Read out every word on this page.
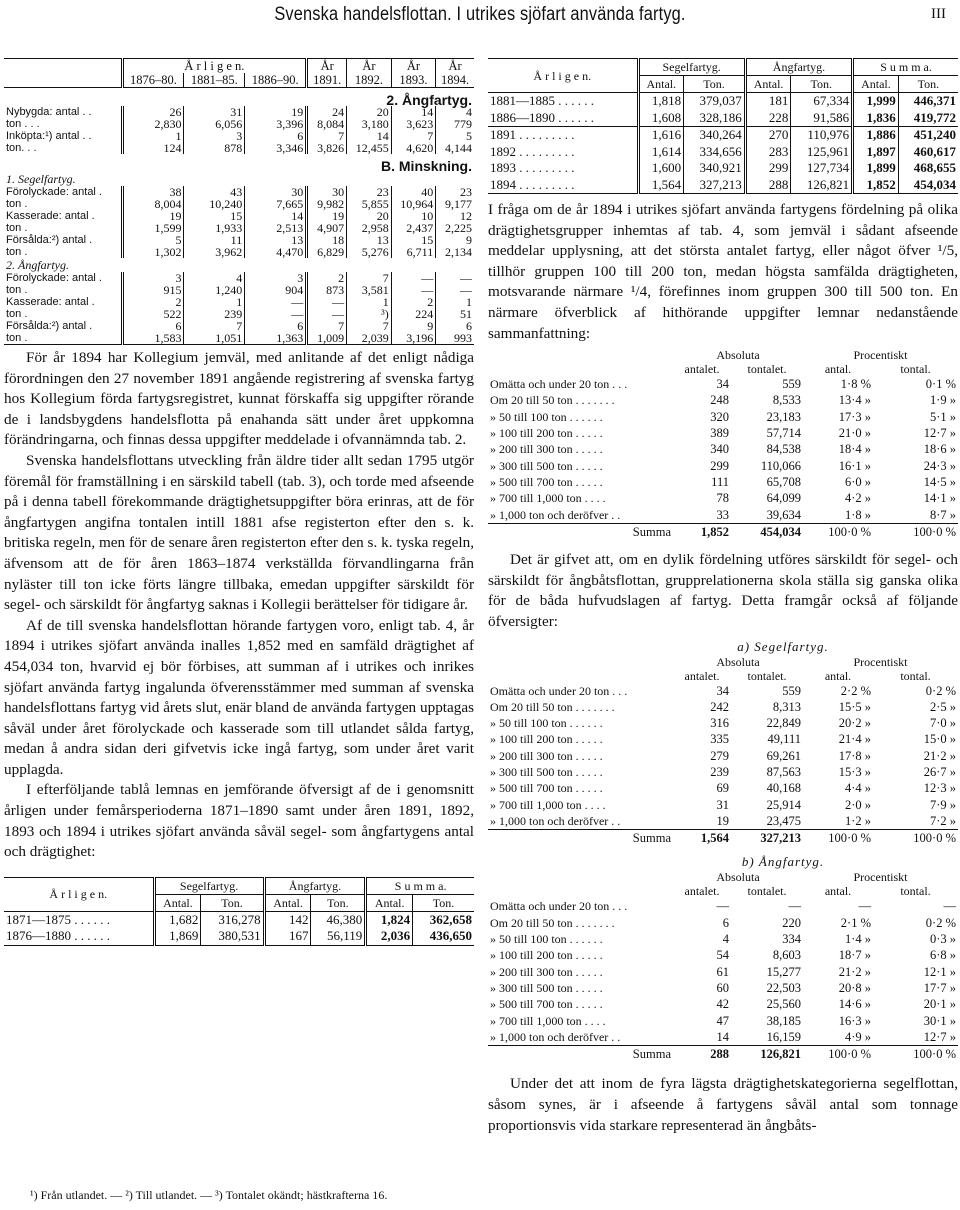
Svenska handelsflottan. I utrikes sjöfart använda fartyg.	III
	Å r l i g e n.			År	År	År	År
	1876–80.	1881–85.	1886–90.	1891.	1892.	1893.	1894.
2. Ångfartyg.							
Nybygda: antal . .	26	31	19	24	20	14	4
ton . . .	2,830	6,056	3,396	8,084	3,180	3,623	779
Inköpta:¹) antal . .	1	3	6	7	14	7	5
ton. . .	124	878	3,346	3,826	12,455	4,620	4,144
B. Minskning.							
1. Segelfartyg.							
Förolyckade: antal .	38	43	30	30	23	40	23
ton .	8,004	10,240	7,665	9,982	5,855	10,964	9,177
Kasserade: antal .	19	15	14	19	20	10	12
ton .	1,599	1,933	2,513	4,907	2,958	2,437	2,225
Försålda:²) antal .	5	11	13	18	13	15	9
ton .	1,302	3,962	4,470	6,829	5,276	6,711	2,134
2. Ångfartyg.							
Förolyckade: antal .	3	4	3	2	7	—	—
ton .	915	1,240	904	873	3,581	—	—
Kasserade: antal .	2	1	—	—	1	2	1
ton .	522	239	—	—	³)	224	51
Försålda:²) antal .	6	7	6	7	7	9	6
ton .	1,583	1,051	1,363	1,009	2,039	3,196	993

För år 1894 har Kollegium jemväl, med anlitande af det enligt nådiga förordningen den 27 november 1891 angående registrering af svenska fartyg hos Kollegium förda fartygsregistret, kunnat förskaffa sig uppgifter rörande de i landsbygdens handelsflotta på enahanda sätt under året uppkomna förändringarna, och finnas dessa uppgifter meddelade i ofvannämnda tab. 2.

Svenska handelsflottans utveckling från äldre tider allt sedan 1795 utgör föremål för framställning i en särskild tabell (tab. 3), och torde med afseende på i denna tabell förekommande drägtighetsuppgifter böra erinras, att de för ångfartygen angifna tontalen intill 1881 afse registerton efter den s. k. britiska regeln, men för de senare åren registerton efter den s. k. tyska regeln, äfvensom att de för åren 1863–1874 verkställda förvandlingarna från nyläster till ton icke förts längre tillbaka, emedan uppgifter särskildt för segel- och särskildt för ångfartyg saknas i Kollegii berättelser för tidigare år.

Af de till svenska handelsflottan hörande fartygen voro, enligt tab. 4, år 1894 i utrikes sjöfart använda inalles 1,852 med en samfäld drägtighet af 454,034 ton, hvarvid ej bör förbises, att summan af i utrikes och inrikes sjöfart använda fartyg ingalunda öfverensstämmer med summan af svenska handelsflottans fartyg vid årets slut, enär bland de använda fartygen upptagas såväl under året förolyckade och kasserade som till utlandet sålda fartyg, medan å andra sidan deri gifvetvis icke ingå fartyg, som under året varit upplagda.

I efterföljande tablå lemnas en jemförande öfversigt af de i genomsnitt årligen under femårsperioderna 1871–1890 samt under åren 1891, 1892, 1893 och 1894 i utrikes sjöfart använda såväl segel- som ångfartygens antal och drägtighet:

Å r l i g e n.	Segelfartyg.		Ångfartyg.		S u m m a.	
	Antal.	Ton.	Antal.	Ton.	Antal.	Ton.
1871—1875 . . . . . .	1,682	316,278	142	46,380	1,824	362,658
1876—1880 . . . . . .	1,869	380,531	167	56,119	2,036	436,650
Å r l i g e n.	Segelfartyg.		Ångfartyg.		S u m m a.	
	Antal.	Ton.	Antal.	Ton.	Antal.	Ton.
1881—1885 . . . . . .	1,818	379,037	181	67,334	1,999	446,371
1886—1890 . . . . . .	1,608	328,186	228	91,586	1,836	419,772
1891 . . . . . . . . .	1,616	340,264	270	110,976	1,886	451,240
1892 . . . . . . . . .	1,614	334,656	283	125,961	1,897	460,617
1893 . . . . . . . . .	1,600	340,921	299	127,734	1,899	468,655
1894 . . . . . . . . .	1,564	327,213	288	126,821	1,852	454,034

I fråga om de år 1894 i utrikes sjöfart använda fartygens fördelning på olika drägtighetsgrupper inhemtas af tab. 4, som jemväl i sådant afseende meddelar upplysning, att det största antalet fartyg, eller något öfver ¹/5, tillhör gruppen 100 till 200 ton, medan högsta samfälda drägtigheten, motsvarande närmare ¹/4, förefinnes inom gruppen 300 till 500 ton. En närmare öfverblick af hithörande uppgifter lemnar nedanstående sammanfattning:

	Absoluta		Procentiskt	
	antalet.	tontalet.	antal.	tontal.
Omätta och under 20 ton . . .	34	559	1·8 %	0·1 %
Om 20 till 50 ton . . . . . . .	248	8,533	13·4 »	1·9 »
» 50 till 100 ton . . . . . .	320	23,183	17·3 »	5·1 »
» 100 till 200 ton . . . . .	389	57,714	21·0 »	12·7 »
» 200 till 300 ton . . . . .	340	84,538	18·4 »	18·6 »
» 300 till 500 ton . . . . .	299	110,066	16·1 »	24·3 »
» 500 till 700 ton . . . . .	111	65,708	6·0 »	14·5 »
» 700 till 1,000 ton . . . .	78	64,099	4·2 »	14·1 »
» 1,000 ton och deröfver . .	33	39,634	1·8 »	8·7 »
Summa	1,852	454,034	100·0 %	100·0 %

Det är gifvet att, om en dylik fördelning utföres särskildt för segel- och särskildt för ångbåtsflottan, grupprelationerna skola ställa sig ganska olika för de båda hufvudslagen af fartyg. Detta framgår också af följande öfversigter:

a) Segelfartyg.
	Absoluta		Procentiskt	
	antalet.	tontalet.	antal.	tontal.
Omätta och under 20 ton . . .	34	559	2·2 %	0·2 %
Om 20 till 50 ton . . . . . . .	242	8,313	15·5 »	2·5 »
» 50 till 100 ton . . . . . .	316	22,849	20·2 »	7·0 »
» 100 till 200 ton . . . . .	335	49,111	21·4 »	15·0 »
» 200 till 300 ton . . . . .	279	69,261	17·8 »	21·2 »
» 300 till 500 ton . . . . .	239	87,563	15·3 »	26·7 »
» 500 till 700 ton . . . . .	69	40,168	4·4 »	12·3 »
» 700 till 1,000 ton . . . .	31	25,914	2·0 »	7·9 »
» 1,000 ton och deröfver . .	19	23,475	1·2 »	7·2 »
Summa	1,564	327,213	100·0 %	100·0 %
b) Ångfartyg.
	Absoluta		Procentiskt	
	antalet.	tontalet.	antal.	tontal.
Omätta och under 20 ton . . .	—	—	—	—
Om 20 till 50 ton . . . . . . .	6	220	2·1 %	0·2 %
» 50 till 100 ton . . . . . .	4	334	1·4 »	0·3 »
» 100 till 200 ton . . . . .	54	8,603	18·7 »	6·8 »
» 200 till 300 ton . . . . .	61	15,277	21·2 »	12·1 »
» 300 till 500 ton . . . . .	60	22,503	20·8 »	17·7 »
» 500 till 700 ton . . . . .	42	25,560	14·6 »	20·1 »
» 700 till 1,000 ton . . . .	47	38,185	16·3 »	30·1 »
» 1,000 ton och deröfver . .	14	16,159	4·9 »	12·7 »
Summa	288	126,821	100·0 %	100·0 %

Under det att inom de fyra lägsta drägtighetskategorierna segelflottan, såsom synes, är i afseende å fartygens såväl antal som tonnage proportionsvis vida starkare representerad än ångbåts-

¹) Från utlandet. — ²) Till utlandet. — ³) Tontalet okändt; hästkrafterna 16.
